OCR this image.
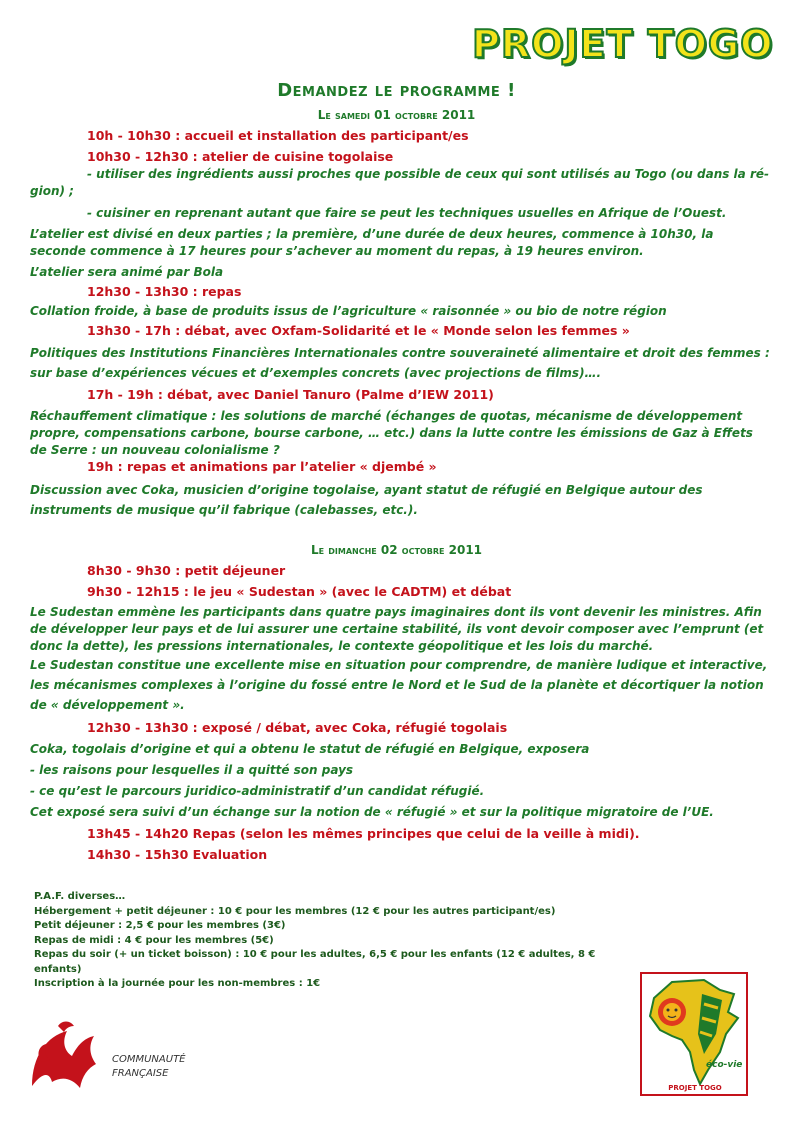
PROJET TOGO
Demandez le programme !
Le samedi 01 octobre 2011
10h - 10h30 : accueil et installation des participant/es
10h30 - 12h30 : atelier de cuisine togolaise
- utiliser des ingrédients aussi proches que possible de ceux qui sont utilisés au Togo (ou dans la ré-gion) ;
- cuisiner en reprenant autant que faire se peut les techniques usuelles en Afrique de l’Ouest.
L’atelier est divisé en deux parties ; la première, d’une durée de deux heures, commence à 10h30, la seconde commence à 17 heures pour s’achever au moment du repas, à 19 heures environ.
L’atelier sera animé par Bola
12h30 - 13h30 : repas
Collation froide, à base de produits issus de l’agriculture « raisonnée » ou bio de notre région
13h30 - 17h : débat, avec Oxfam-Solidarité et le « Monde selon les femmes »
Politiques des Institutions Financières Internationales contre souveraineté alimentaire et droit des femmes :
sur base d’expériences vécues et d’exemples concrets (avec projections de films)….
17h - 19h : débat, avec Daniel Tanuro (Palme d’IEW 2011)
Réchauffement climatique : les solutions de marché (échanges de quotas, mécanisme de développement propre, compensations carbone, bourse carbone, … etc.) dans la lutte contre les émissions de Gaz à Effets de Serre : un nouveau colonialisme ?
19h : repas et animations par l’atelier « djembé »
Discussion avec Coka, musicien d’origine togolaise, ayant statut de réfugié en Belgique autour des instruments de musique qu’il fabrique (calebasses, etc.).
Le dimanche 02 octobre 2011
8h30 - 9h30 : petit déjeuner
9h30 - 12h15 : le jeu « Sudestan » (avec le CADTM) et débat
Le Sudestan emmène les participants dans quatre pays imaginaires dont ils vont devenir les ministres. Afin de développer leur pays et de lui assurer une certaine stabilité, ils vont devoir composer avec l’emprunt (et donc la dette), les pressions internationales, le contexte géopolitique et les lois du marché.
Le Sudestan constitue une excellente mise en situation pour comprendre, de manière ludique et interactive, les mécanismes complexes à l’origine du fossé entre le Nord et le Sud de la planète et décortiquer la notion de « développement ».
12h30 - 13h30 : exposé / débat, avec Coka, réfugié togolais
Coka, togolais d’origine et qui a obtenu le statut de réfugié en Belgique, exposera
- les raisons pour lesquelles il a quitté son pays
- ce qu’est le parcours juridico-administratif d’un candidat réfugié.
Cet exposé sera suivi d’un échange sur la notion de « réfugié » et sur la politique migratoire de l’UE.
13h45 - 14h20 Repas (selon les mêmes principes que celui de la veille à midi).
14h30 - 15h30 Evaluation
P.A.F. diverses…
Hébergement + petit déjeuner : 10 € pour les membres (12 € pour les autres participant/es)
Petit déjeuner : 2,5 € pour les membres (3€)
Repas de midi : 4 € pour les membres (5€)
Repas du soir (+ un ticket boisson) : 10 € pour les adultes, 6,5 € pour les enfants (12 € adultes, 8 € enfants)
Inscription à la journée pour les non-membres : 1€
COMMUNAUTÉ
FRANÇAISE
éco-vie
PROJET TOGO
